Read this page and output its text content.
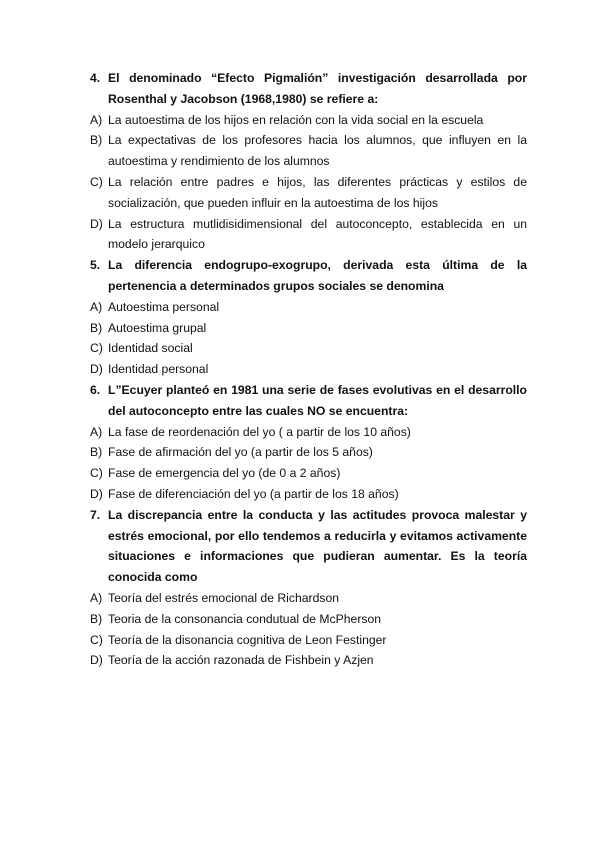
4. El denominado “Efecto Pigmalión” investigación desarrollada por Rosenthal y Jacobson (1968,1980) se refiere a:
A) La autoestima de los hijos en relación con la vida social en la escuela
B) La expectativas de los profesores hacia los alumnos, que influyen en la autoestima y rendimiento de los alumnos
C) La relación entre padres e hijos, las diferentes prácticas y estilos de socialización, que pueden influir en la autoestima de los hijos
D) La estructura mutlidisidimensional del autoconcepto, establecida en un modelo jerarquico
5. La diferencia endogrupo-exogrupo, derivada esta última de la pertenencia a determinados grupos sociales se denomina
A) Autoestima personal
B) Autoestima grupal
C) Identidad social
D) Identidad personal
6. L”Ecuyer planteó en 1981 una serie de fases evolutivas en el desarrollo del autoconcepto entre las cuales NO se encuentra:
A) La fase de reordenación del yo ( a partir de los 10 años)
B) Fase de afirmación del yo (a partir de los 5 años)
C) Fase de emergencia del yo (de 0 a 2 años)
D) Fase de diferenciación del yo (a partir de los 18 años)
7. La discrepancia entre la conducta y las actitudes provoca malestar y estrés emocional, por ello tendemos a reducirla y evitamos activamente situaciones e informaciones que pudieran aumentar. Es la teoría conocida como
A) Teoría del estrés emocional de Richardson
B) Teoria de la consonancia condutual de McPherson
C) Teoría de la disonancia cognitiva de Leon Festinger
D) Teoría de la acción razonada de Fishbein y Azjen
